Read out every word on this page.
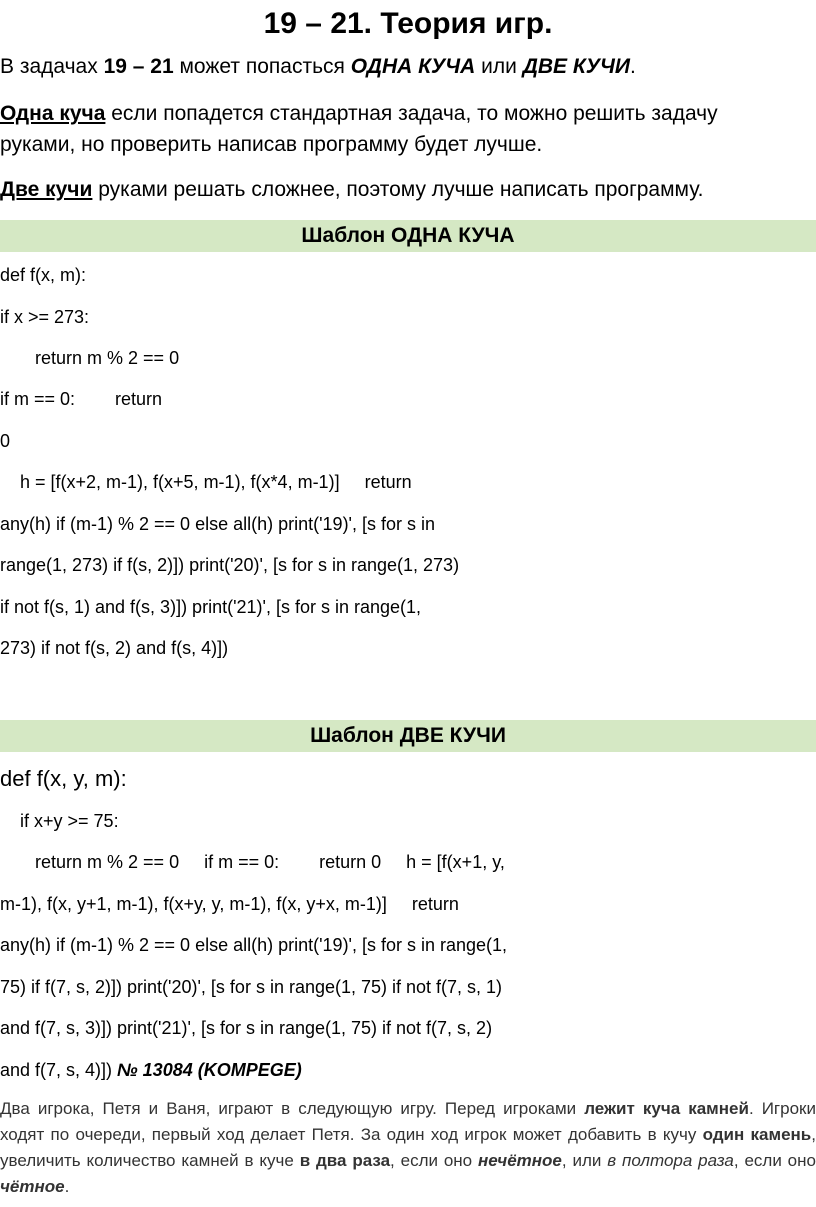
19 – 21. Теория игр.
В задачах 19 – 21 может попасться ОДНА КУЧА или ДВЕ КУЧИ.
Одна куча если попадется стандартная задача, то можно решить задачу
руками, но проверить написав программу будет лучше.
Две кучи руками решать сложнее, поэтому лучше написать программу.
Шаблон ОДНА КУЧА
def f(x, m):
if x >= 273:
return m % 2 == 0
if m == 0:        return
0
h = [f(x+2, m-1), f(x+5, m-1), f(x*4, m-1)]     return
any(h) if (m-1) % 2 == 0 else all(h) print('19)', [s for s in
range(1, 273) if f(s, 2)]) print('20)', [s for s in range(1, 273)
if not f(s, 1) and f(s, 3)]) print('21)', [s for s in range(1,
273) if not f(s, 2) and f(s, 4)])
Шаблон ДВЕ КУЧИ
def f(x, y, m):
if x+y >= 75:
return m % 2 == 0     if m == 0:        return 0     h = [f(x+1, y,
m-1), f(x, y+1, m-1), f(x+y, y, m-1), f(x, y+x, m-1)]     return
any(h) if (m-1) % 2 == 0 else all(h) print('19)', [s for s in range(1,
75) if f(7, s, 2)]) print('20)', [s for s in range(1, 75) if not f(7, s, 1)
and f(7, s, 3)]) print('21)', [s for s in range(1, 75) if not f(7, s, 2)
and f(7, s, 4)]) № 13084 (KOMPEGE)
Два игрока, Петя и Ваня, играют в следующую игру. Перед игроками лежит куча камней. Игроки ходят по очереди, первый ход делает Петя. За один ход игрок может добавить в кучу один камень, увеличить количество камней в куче в два раза, если оно нечётное, или в полтора раза, если оно чётное.
